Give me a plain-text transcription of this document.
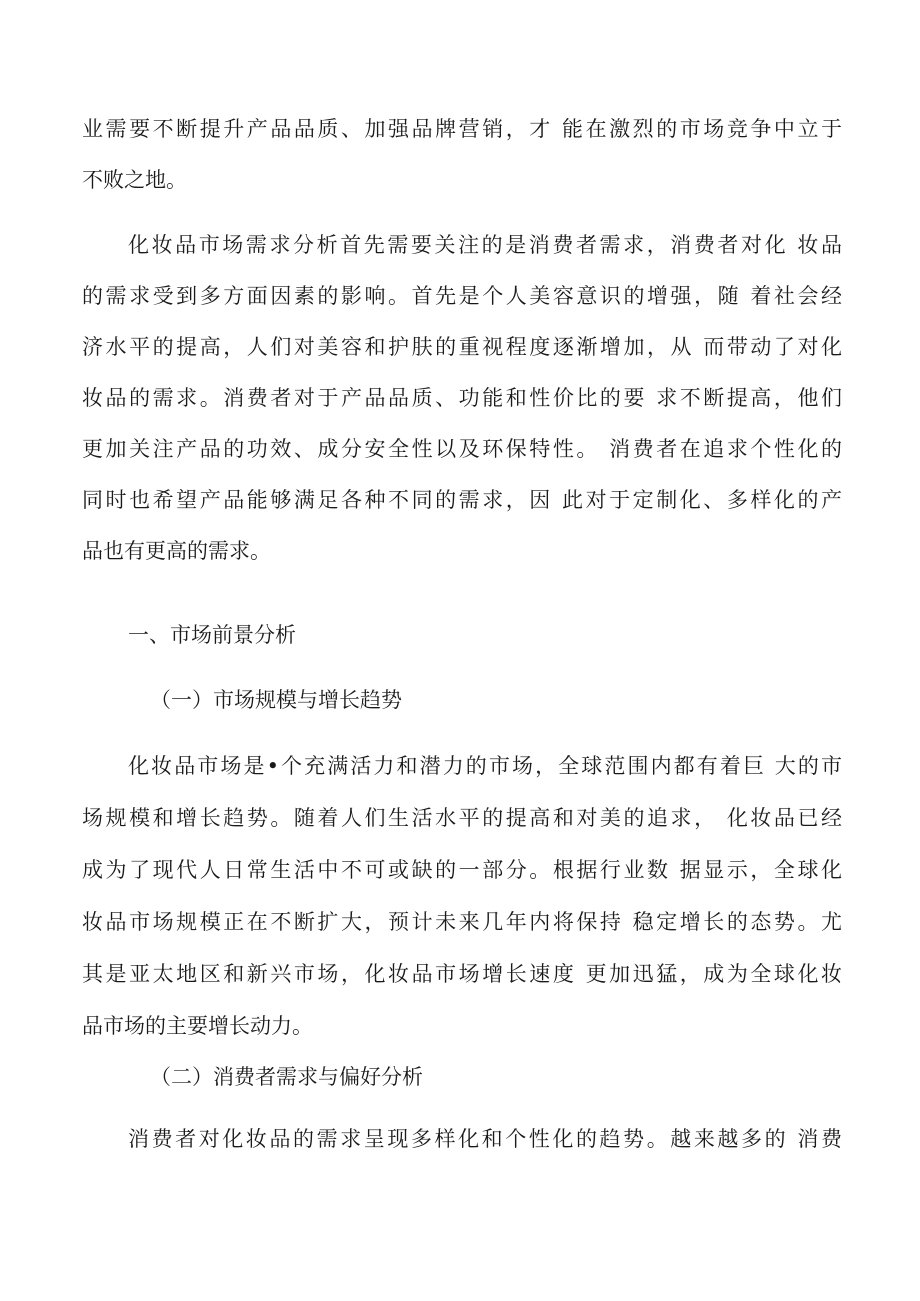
业需要不断提升产品品质、加强品牌营销，才 能在激烈的市场竞争中立于
不败之地。
化妆品市场需求分析首先需要关注的是消费者需求，消费者对化 妆品
的需求受到多方面因素的影响。首先是个人美容意识的增强，随 着社会经
济水平的提高，人们对美容和护肤的重视程度逐渐增加，从 而带动了对化
妆品的需求。消费者对于产品品质、功能和性价比的要 求不断提高，他们
更加关注产品的功效、成分安全性以及环保特性。 消费者在追求个性化的
同时也希望产品能够满足各种不同的需求，因 此对于定制化、多样化的产
品也有更高的需求。
一、市场前景分析
（一）市场规模与增长趋势
化妆品市场是•个充满活力和潜力的市场，全球范围内都有着巨 大的市
场规模和增长趋势。随着人们生活水平的提高和对美的追求， 化妆品已经
成为了现代人日常生活中不可或缺的一部分。根据行业数 据显示，全球化
妆品市场规模正在不断扩大，预计未来几年内将保持 稳定增长的态势。尤
其是亚太地区和新兴市场，化妆品市场增长速度 更加迅猛，成为全球化妆
品市场的主要增长动力。
（二）消费者需求与偏好分析
消费者对化妆品的需求呈现多样化和个性化的趋势。越来越多的 消费
